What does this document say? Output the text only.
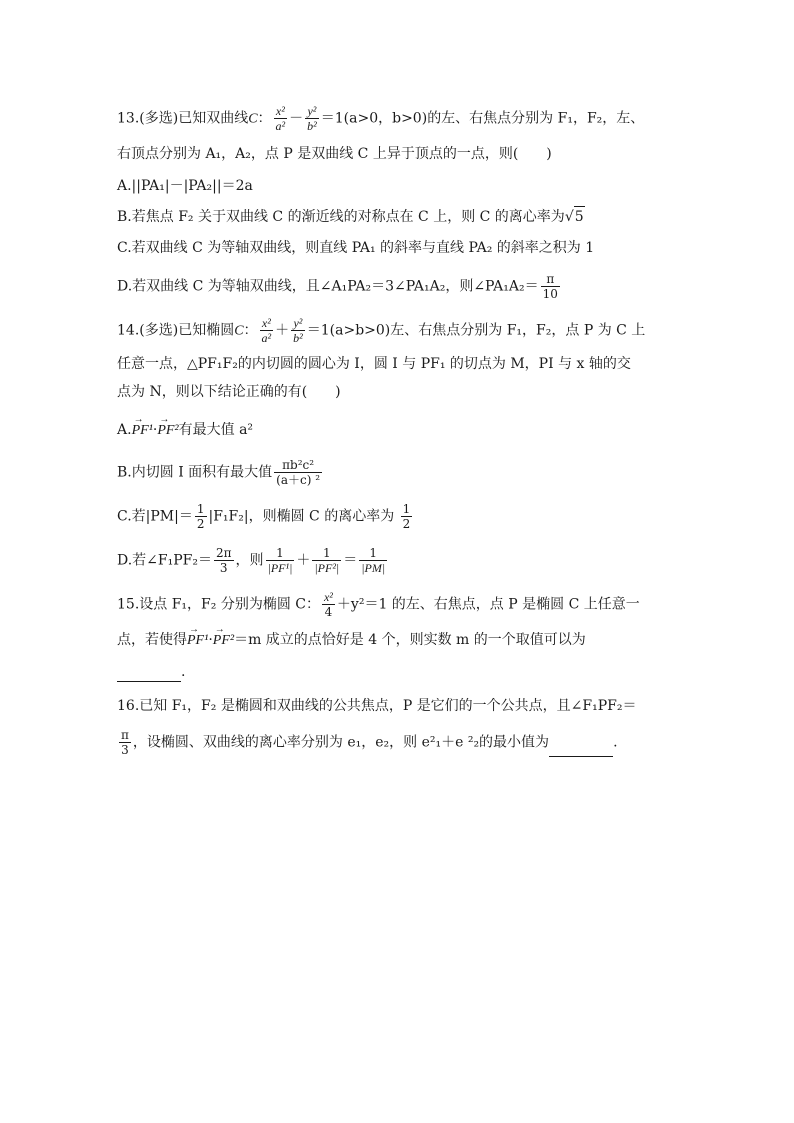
13.(多选)已知双曲线C： $\frac{\text{x²}}{\text{a²}} - \frac{\text{y²}}{\text{b²}} =1(a>0$，b>0)的左、右焦点分别为 F₁，F₂，左、
右顶点分别为 A₁，A₂，点 P 是双曲线 C 上异于顶点的一点，则(　　)
A.||PA₁|－|PA₂||＝2a
B.若焦点 F₂ 关于双曲线 C 的渐近线的对称点在 C 上，则 C 的离心率为√5
C.若双曲线 C 为等轴双曲线，则直线 PA₁ 的斜率与直线 PA₂ 的斜率之积为 1
D.若双曲线 C 为等轴双曲线，且∠A₁PA₂＝3∠PA₁A₂，则∠PA₁A₂＝ $\frac{\pi}{10}$
14.(多选)已知椭圆C： $\frac{\text{x²}}{\text{a²}} + \frac{\text{y²}}{\text{b²}} =1(a>b>0)$左、右焦点分别为 F₁，F₂，点 P 为 C 上
任意一点，△PF₁F₂的内切圆的圆心为 I，圆 I 与 PF₁ 的切点为 M，PI 与 x 轴的交
点为 N，则以下结论正确的有(　　)
A.→ PF¹·→ PF²有最大值 a²
B.内切圆 I 面积有最大值 $\frac{\text{πb²c²}}{\text{(a＋c) ²}}$
C.若$|PM|= \frac{1}{2} |F_1F_2|$，则椭圆 C 的离心率为 $\frac{1}{2}$
D.若∠F₁PF₂＝ $\frac{2\pi}{3}$ ，则 $\frac{1}{\text{|PF¹|}} + \frac{1}{\text{|PF²|}} = \frac{1}{|PM|}$
15.设点 F₁，F₂ 分别为椭圆 C： $\frac{\text{x²}}{4} +y^2=1$ 的左、右焦点，点 P 是椭圆 C 上任意一
点，若使得→ PF¹·→ PF²＝m 成立的点恰好是 4 个，则实数 m 的一个取值可以为
.
16.已知 F₁，F₂ 是椭圆和双曲线的公共焦点，P 是它们的一个公共点，且∠F₁PF₂＝
$\frac{\pi}{3}$ ，设椭圆、双曲线的离心率分别为 e₁，e₂，则 e²₁＋e ²₂的最小值为	.
